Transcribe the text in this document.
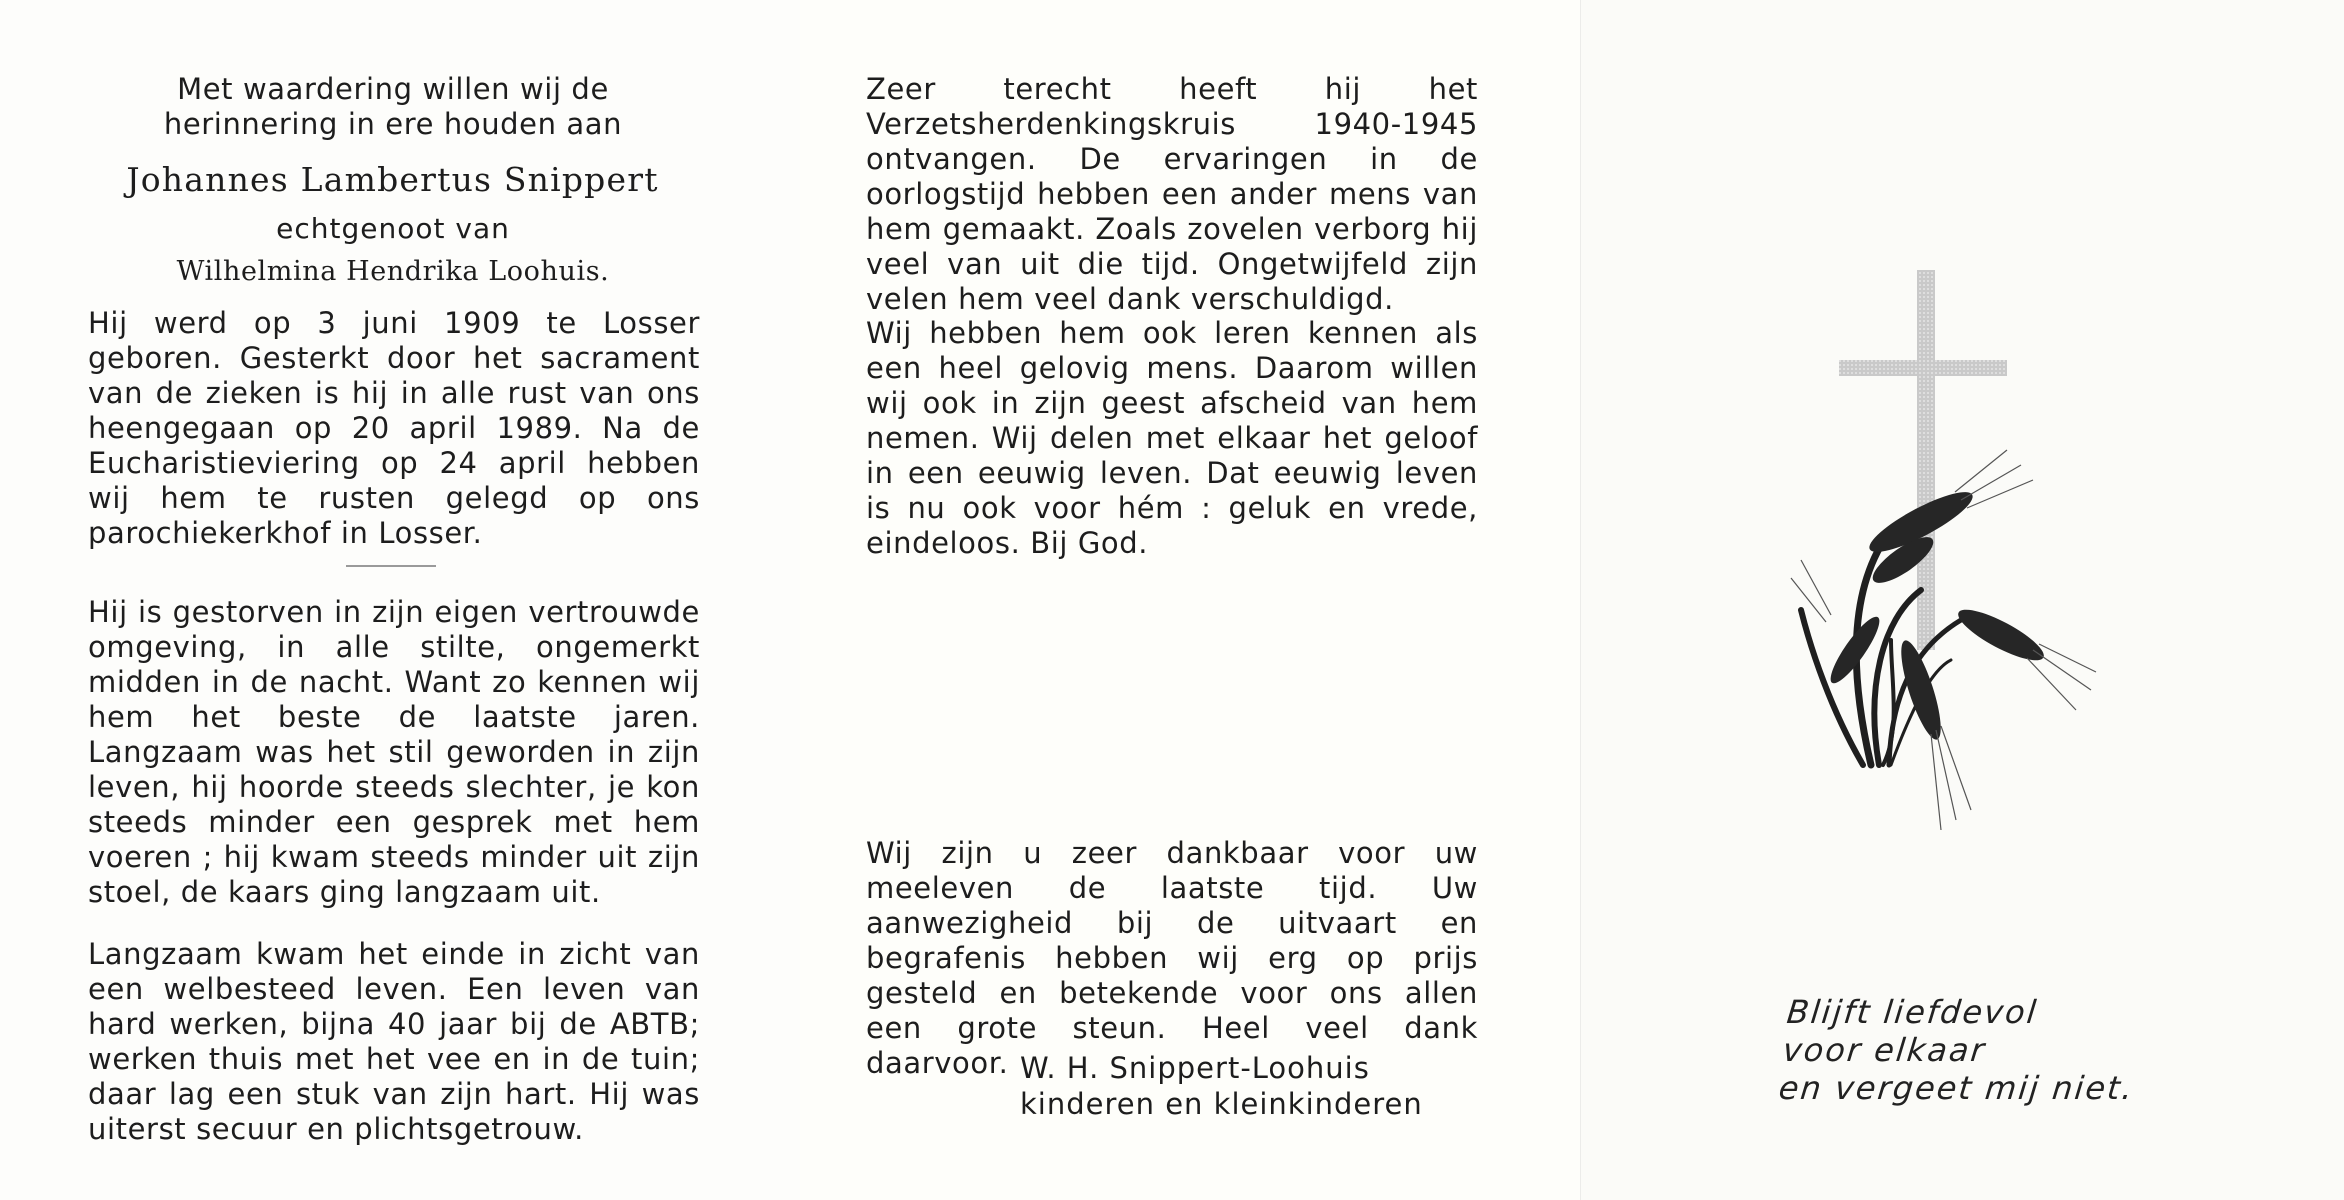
Met waardering willen wij de
herinnering in ere houden aan
Johannes Lambertus Snippert
echtgenoot van
Wilhelmina Hendrika Loohuis.

Hij werd op 3 juni 1909 te Losser geboren. Gesterkt door het sacrament van de zieken is hij in alle rust van ons heengegaan op 20 april 1989. Na de Eucharistieviering op 24 april hebben wij hem te rusten gelegd op ons parochiekerkhof in Losser.

Hij is gestorven in zijn eigen vertrouwde omgeving, in alle stilte, ongemerkt midden in de nacht. Want zo kennen wij hem het beste de laatste jaren. Langzaam was het stil geworden in zijn leven, hij hoorde steeds slechter, je kon steeds minder een gesprek met hem voeren ; hij kwam steeds minder uit zijn stoel, de kaars ging langzaam uit.

Langzaam kwam het einde in zicht van een welbesteed leven. Een leven van hard werken, bijna 40 jaar bij de ABTB; werken thuis met het vee en in de tuin; daar lag een stuk van zijn hart. Hij was uiterst secuur en plichtsgetrouw.

Zeer terecht heeft hij het Verzetsherdenkingskruis 1940-1945 ontvangen. De ervaringen in de oorlogstijd hebben een ander mens van hem gemaakt. Zoals zovelen verborg hij veel van uit die tijd. Ongetwijfeld zijn velen hem veel dank verschuldigd.

Wij hebben hem ook leren kennen als een heel gelovig mens. Daarom willen wij ook in zijn geest afscheid van hem nemen. Wij delen met elkaar het geloof in een eeuwig leven. Dat eeuwig leven is nu ook voor hém : geluk en vrede, eindeloos. Bij God.

Wij zijn u zeer dankbaar voor uw meeleven de laatste tijd. Uw aanwezigheid bij de uitvaart en begrafenis hebben wij erg op prijs gesteld en betekende voor ons allen een grote steun. Heel veel dank daarvoor. W. H. Snippert-Loohuis
kinderen en kleinkinderen
Blijft liefdevol
voor elkaar
en vergeet mij niet.
